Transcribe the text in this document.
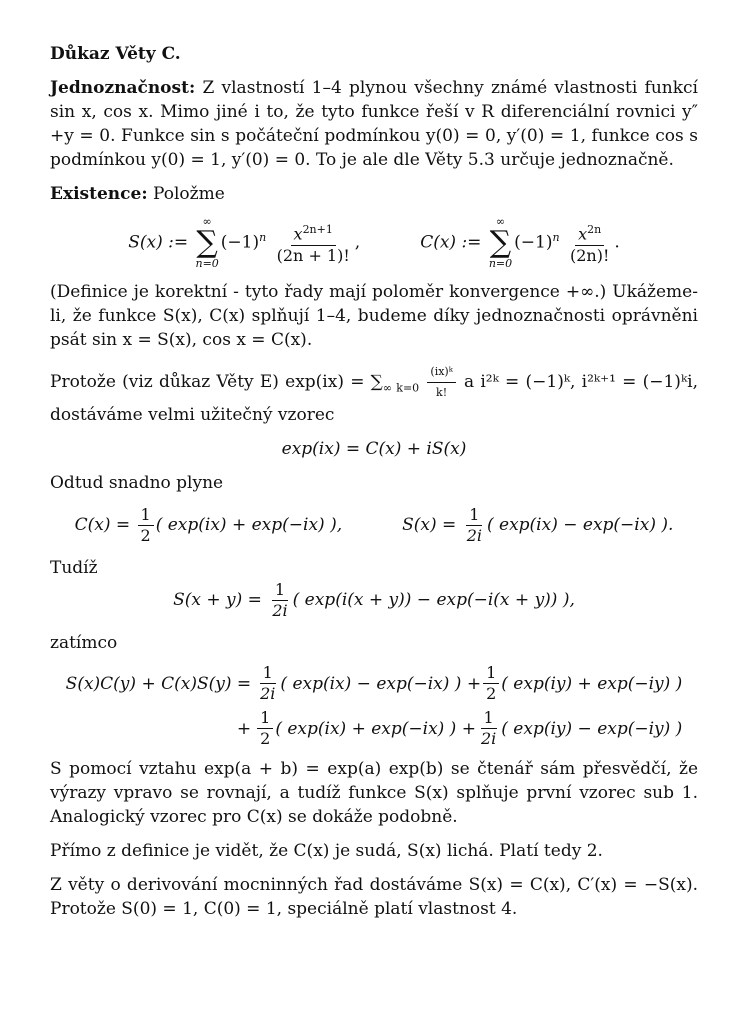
Důkaz Věty C.

Jednoznačnost: Z vlastností 1–4 plynou všechny známé vlastnosti funkcí sin x, cos x. Mimo jiné i to, že tyto funkce řeší v R diferenciální rovnici y″+y = 0. Funkce sin s počáteční podmínkou y(0) = 0, y′(0) = 1, funkce cos s podmínkou y(0) = 1, y′(0) = 0. To je ale dle Věty 5.3 určuje jednoznačně.

Existence: Položme

S(x) :=
∞
∑
n=0
$(-1)^n \frac{x^{2n+1}}{(2n + 1)!}$ ,	C(x) :=
∞
∑
n=0
$(-1)^n \frac{x^{2n}}{(2n)!}$ .

(Definice je korektní - tyto řady mají poloměr konvergence +∞.) Ukážeme-li, že funkce S(x), C(x) splňují 1–4, budeme díky jednoznačnosti oprávněni psát sin x = S(x), cos x = C(x).

Protože (viz důkaz Věty E) $\exp(ix) = \sum_{\infty k=0} \frac{\text{(ix)ᵏ}}{k!}$ a i²ᵏ = (−1)ᵏ, i²ᵏ⁺¹ = (−1)ᵏi, dostáváme velmi užitečný vzorec

exp(ix) = C(x) + iS(x)

Odtud snadno plyne

$C(x) = \frac{1}{2}$ ( exp(ix) + exp(−ix) ),	$S(x) = \frac{1}{2i}$ ( exp(ix) − exp(−ix) ).

Tudíž

$S(x + y) = \frac{1}{2i}$ ( exp(i(x + y)) − exp(−i(x + y)) ),

zatímco

$S(x)C(y) + C(x)S(y) = \frac{1}{2i}$ ( exp(ix) − exp(−ix) ) + $\frac{1}{2}$ ( exp(iy) + exp(−iy) )
+ $\frac{1}{2}$ ( exp(ix) + exp(−ix) ) + $\frac{1}{2i}$ ( exp(iy) − exp(−iy) )

S pomocí vztahu exp(a + b) = exp(a) exp(b) se čtenář sám přesvědčí, že výrazy vpravo se rovnají, a tudíž funkce S(x) splňuje první vzorec sub 1. Analogický vzorec pro C(x) se dokáže podobně.

Přímo z definice je vidět, že C(x) je sudá, S(x) lichá. Platí tedy 2.

Z věty o derivování mocninných řad dostáváme S(x) = C(x), C′(x) = −S(x). Protože S(0) = 1, C(0) = 1, speciálně platí vlastnost 4.
